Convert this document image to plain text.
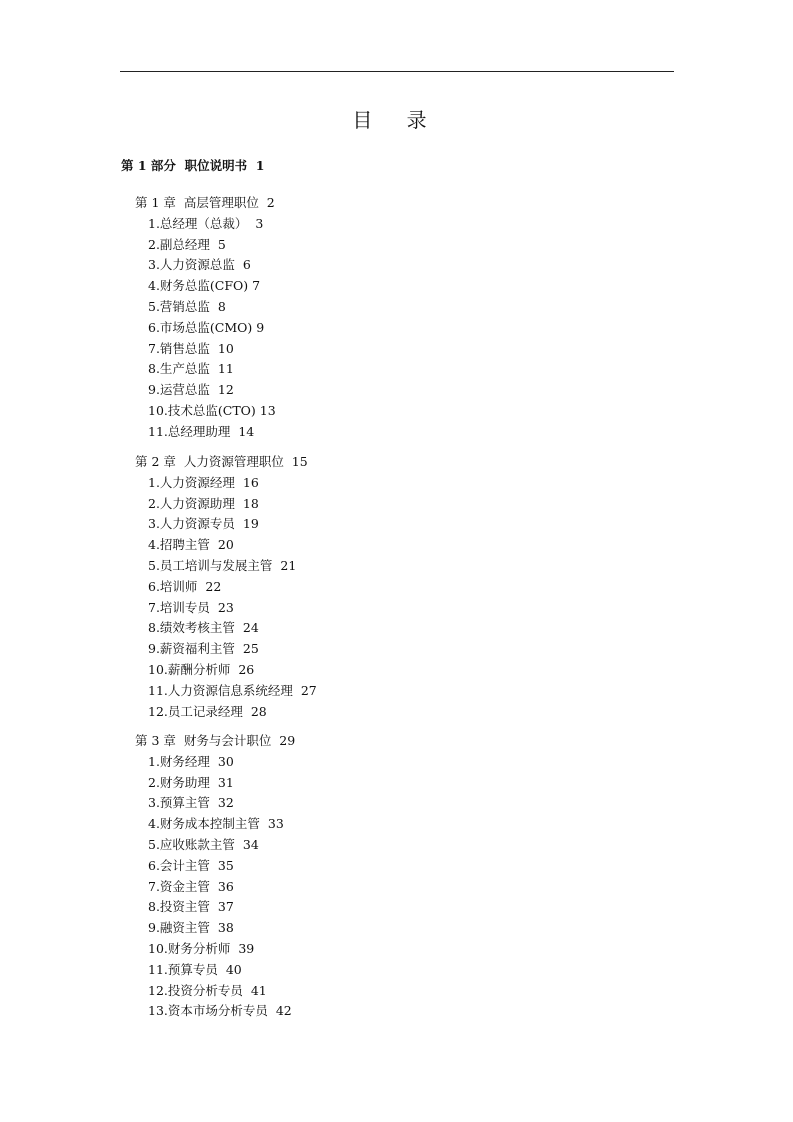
目 录
第 1 部分  职位说明书  1
第 1 章  高层管理职位  2
1.总经理（总裁）  3
2.副总经理  5
3.人力资源总监  6
4.财务总监(CFO) 7
5.营销总监  8
6.市场总监(CMO) 9
7.销售总监  10
8.生产总监  11
9.运营总监  12
10.技术总监(CTO) 13
11.总经理助理  14
第 2 章  人力资源管理职位  15
1.人力资源经理  16
2.人力资源助理  18
3.人力资源专员  19
4.招聘主管  20
5.员工培训与发展主管  21
6.培训师  22
7.培训专员  23
8.绩效考核主管  24
9.薪资福利主管  25
10.薪酬分析师  26
11.人力资源信息系统经理  27
12.员工记录经理  28
第 3 章  财务与会计职位  29
1.财务经理  30
2.财务助理  31
3.预算主管  32
4.财务成本控制主管  33
5.应收账款主管  34
6.会计主管  35
7.资金主管  36
8.投资主管  37
9.融资主管  38
10.财务分析师  39
11.预算专员  40
12.投资分析专员  41
13.资本市场分析专员  42
